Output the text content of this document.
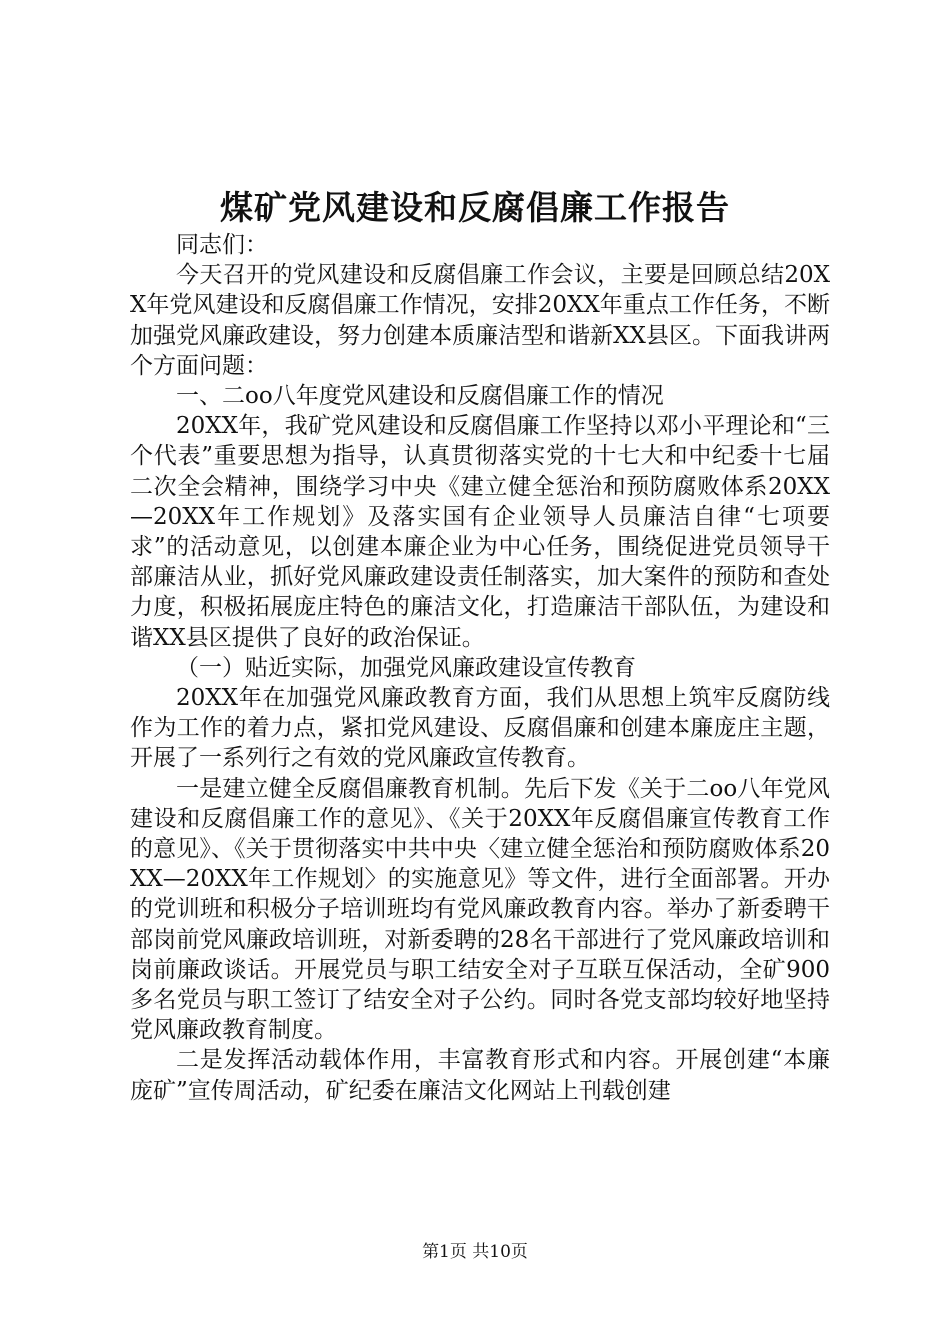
煤矿党风建设和反腐倡廉工作报告

同志们：

今天召开的党风建设和反腐倡廉工作会议，主要是回顾总结20XX年党风建设和反腐倡廉工作情况，安排20XX年重点工作任务，不断加强党风廉政建设，努力创建本质廉洁型和谐新XX县区。下面我讲两个方面问题：

一、二oo八年度党风建设和反腐倡廉工作的情况

20XX年，我矿党风建设和反腐倡廉工作坚持以邓小平理论和“三个代表”重要思想为指导，认真贯彻落实党的十七大和中纪委十七届二次全会精神，围绕学习中央《建立健全惩治和预防腐败体系20XX—20XX年工作规划》及落实国有企业领导人员廉洁自律“七项要求”的活动意见，以创建本廉企业为中心任务，围绕促进党员领导干部廉洁从业，抓好党风廉政建设责任制落实，加大案件的预防和查处力度，积极拓展庞庄特色的廉洁文化，打造廉洁干部队伍，为建设和谐XX县区提供了良好的政治保证。

（一）贴近实际，加强党风廉政建设宣传教育

20XX年在加强党风廉政教育方面，我们从思想上筑牢反腐防线作为工作的着力点，紧扣党风建设、反腐倡廉和创建本廉庞庄主题，开展了一系列行之有效的党风廉政宣传教育。

一是建立健全反腐倡廉教育机制。先后下发《关于二oo八年党风建设和反腐倡廉工作的意见》、《关于20XX年反腐倡廉宣传教育工作的意见》、《关于贯彻落实中共中央〈建立健全惩治和预防腐败体系20XX—20XX年工作规划〉的实施意见》等文件，进行全面部署。开办的党训班和积极分子培训班均有党风廉政教育内容。举办了新委聘干部岗前党风廉政培训班，对新委聘的28名干部进行了党风廉政培训和岗前廉政谈话。开展党员与职工结安全对子互联互保活动，全矿900多名党员与职工签订了结安全对子公约。同时各党支部均较好地坚持党风廉政教育制度。

二是发挥活动载体作用，丰富教育形式和内容。开展创建“本廉庞矿”宣传周活动，矿纪委在廉洁文化网站上刊载创建

第1页 共10页
